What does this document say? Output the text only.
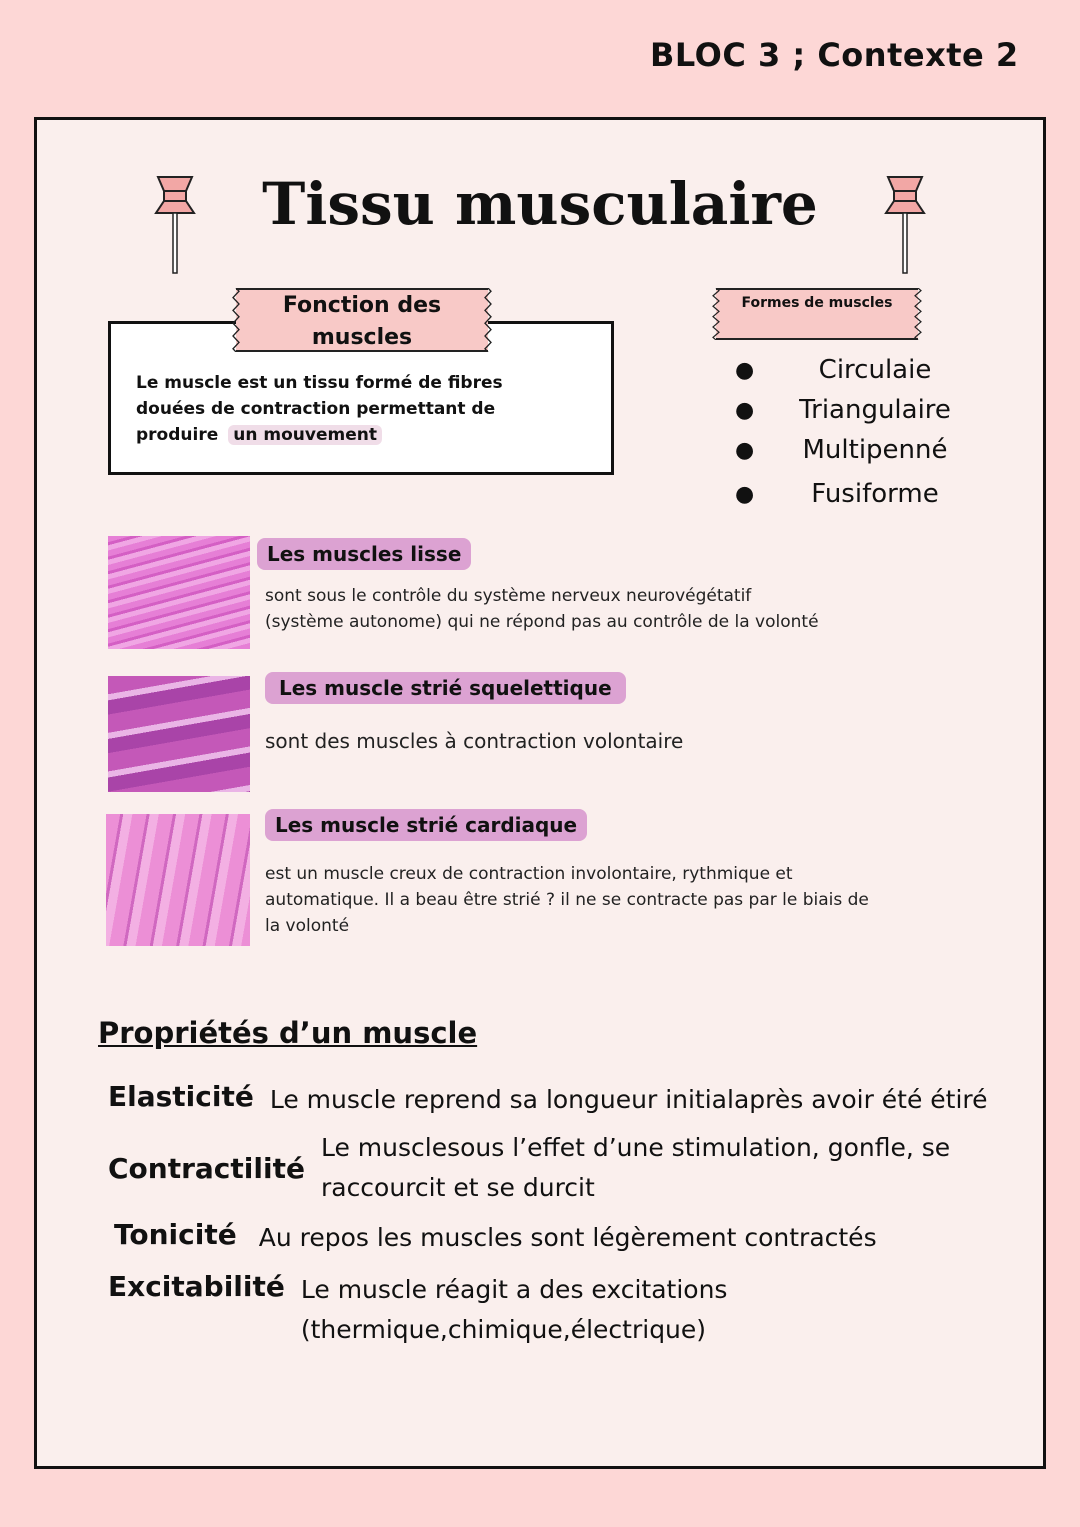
BLOC 3 ; Contexte 2
Tissu musculaire
Fonction des muscles
Le muscle est un tissu formé de fibres douées de contraction permettant de produire un mouvement
Formes de muscles
●	Circulaie
●	Triangulaire
●	Multipenné
●	Fusiforme
Les muscles lisse
sont sous le contrôle du système nerveux neurovégétatif (système autonome) qui ne répond pas au contrôle de la volonté
Les muscle strié squelettique
sont des muscles à contraction volontaire
Les muscle strié cardiaque
est un muscle creux de contraction involontaire, rythmique et automatique. Il a beau être strié ? il ne se contracte pas par le biais de la volonté
Propriétés d’un muscle
Elasticité Le muscle reprend sa longueur initialaprès avoir été étiré
Contractilité
Le musclesous l’effet d’une stimulation, gonfle, se raccourcit et se durcit
Tonicité Au repos les muscles sont légèrement contractés
Excitabilité Le muscle réagit a des excitations (thermique,chimique,électrique)
